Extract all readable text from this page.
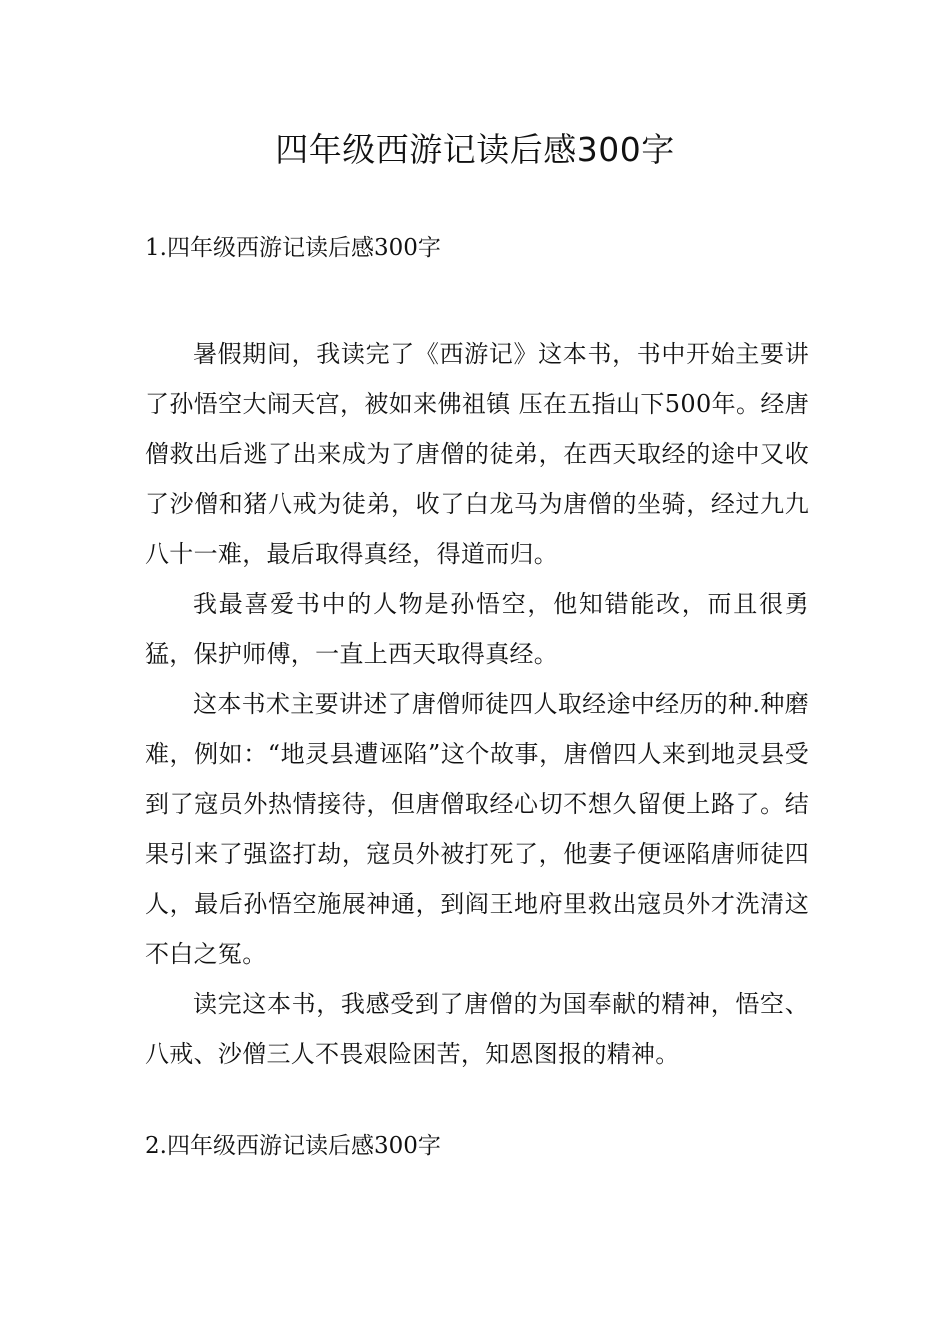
四年级西游记读后感300字
1.四年级西游记读后感300字

暑假期间，我读完了《西游记》这本书，书中开始主要讲了孙悟空大闹天宫，被如来佛祖镇 压在五指山下500年。经唐僧救出后逃了出来成为了唐僧的徒弟，在西天取经的途中又收了沙僧和猪八戒为徒弟，收了白龙马为唐僧的坐骑，经过九九八十一难，最后取得真经，得道而归。

我最喜爱书中的人物是孙悟空，他知错能改，而且很勇猛，保护师傅，一直上西天取得真经。

这本书术主要讲述了唐僧师徒四人取经途中经历的种.种磨难，例如：“地灵县遭诬陷”这个故事，唐僧四人来到地灵县受到了寇员外热情接待，但唐僧取经心切不想久留便上路了。结果引来了强盗打劫，寇员外被打死了，他妻子便诬陷唐师徒四人，最后孙悟空施展神通，到阎王地府里救出寇员外才洗清这不白之冤。

读完这本书，我感受到了唐僧的为国奉献的精神，悟空、八戒、沙僧三人不畏艰险困苦，知恩图报的精神。

2.四年级西游记读后感300字
